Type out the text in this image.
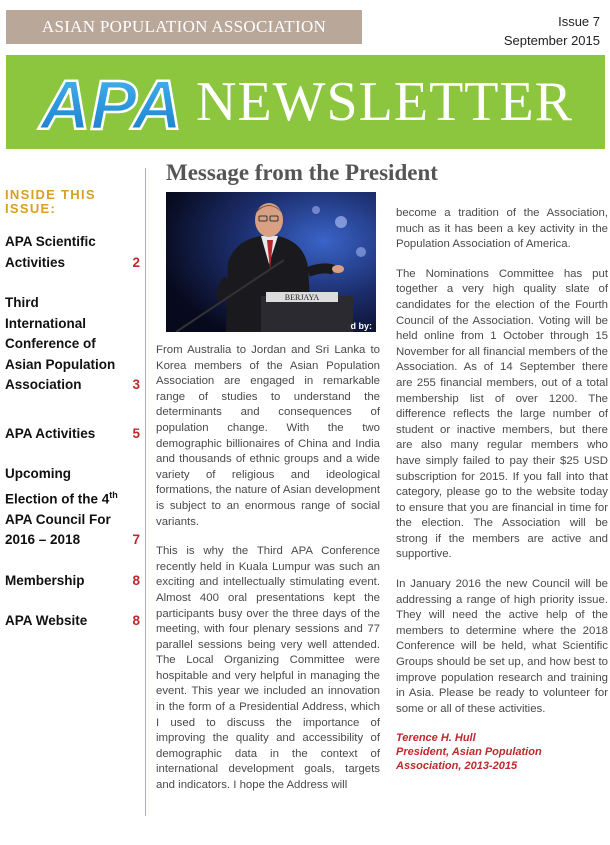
ASIAN POPULATION ASSOCIATION	Issue 7
September 2015
APA NEWSLETTER
INSIDE THIS
ISSUE:
APA Scientific Activities	2
Third International Conference of Asian Population Association	3
APA Activities	5
Upcoming Election of the 4th APA Council For 2016 – 2018	7
Membership	8
APA Website	8
Message from the President
BERJAYA
d by:

From Australia to Jordan and Sri Lanka to Korea members of the Asian Population Association are engaged in remarkable range of studies to understand the determinants and consequences of population change. With the two demographic billionaires of China and India and thousands of ethnic groups and a wide variety of religious and ideological formations, the nature of Asian development is subject to an enormous range of social variants.

This is why the Third APA Conference recently held in Kuala Lumpur was such an exciting and intellectually stimulating event. Almost 400 oral presentations kept the participants busy over the three days of the meeting, with four plenary sessions and 77 parallel sessions being very well attended. The Local Organizing Committee were hospitable and very helpful in managing the event. This year we included an innovation in the form of a Presidential Address, which I used to discuss the importance of improving the quality and accessibility of demographic data in the context of international development goals, targets and indicators. I hope the Address will

become a tradition of the Association, much as it has been a key activity in the Population Association of America.

The Nominations Committee has put together a very high quality slate of candidates for the election of the Fourth Council of the Association. Voting will be held online from 1 October through 15 November for all financial members of the Association. As of 14 September there are 255 financial members, out of a total membership list of over 1200. The difference reflects the large number of student or inactive members, but there are also many regular members who have simply failed to pay their $25 USD subscription for 2015. If you fall into that category, please go to the website today to ensure that you are financial in time for the election. The Association will be strong if the members are active and supportive.

In January 2016 the new Council will be addressing a range of high priority issue. They will need the active help of the members to determine where the 2018 Conference will be held, what Scientific Groups should be set up, and how best to improve population research and training in Asia. Please be ready to volunteer for some or all of these activities.

Terence H. Hull
President, Asian Population Association, 2013-2015
